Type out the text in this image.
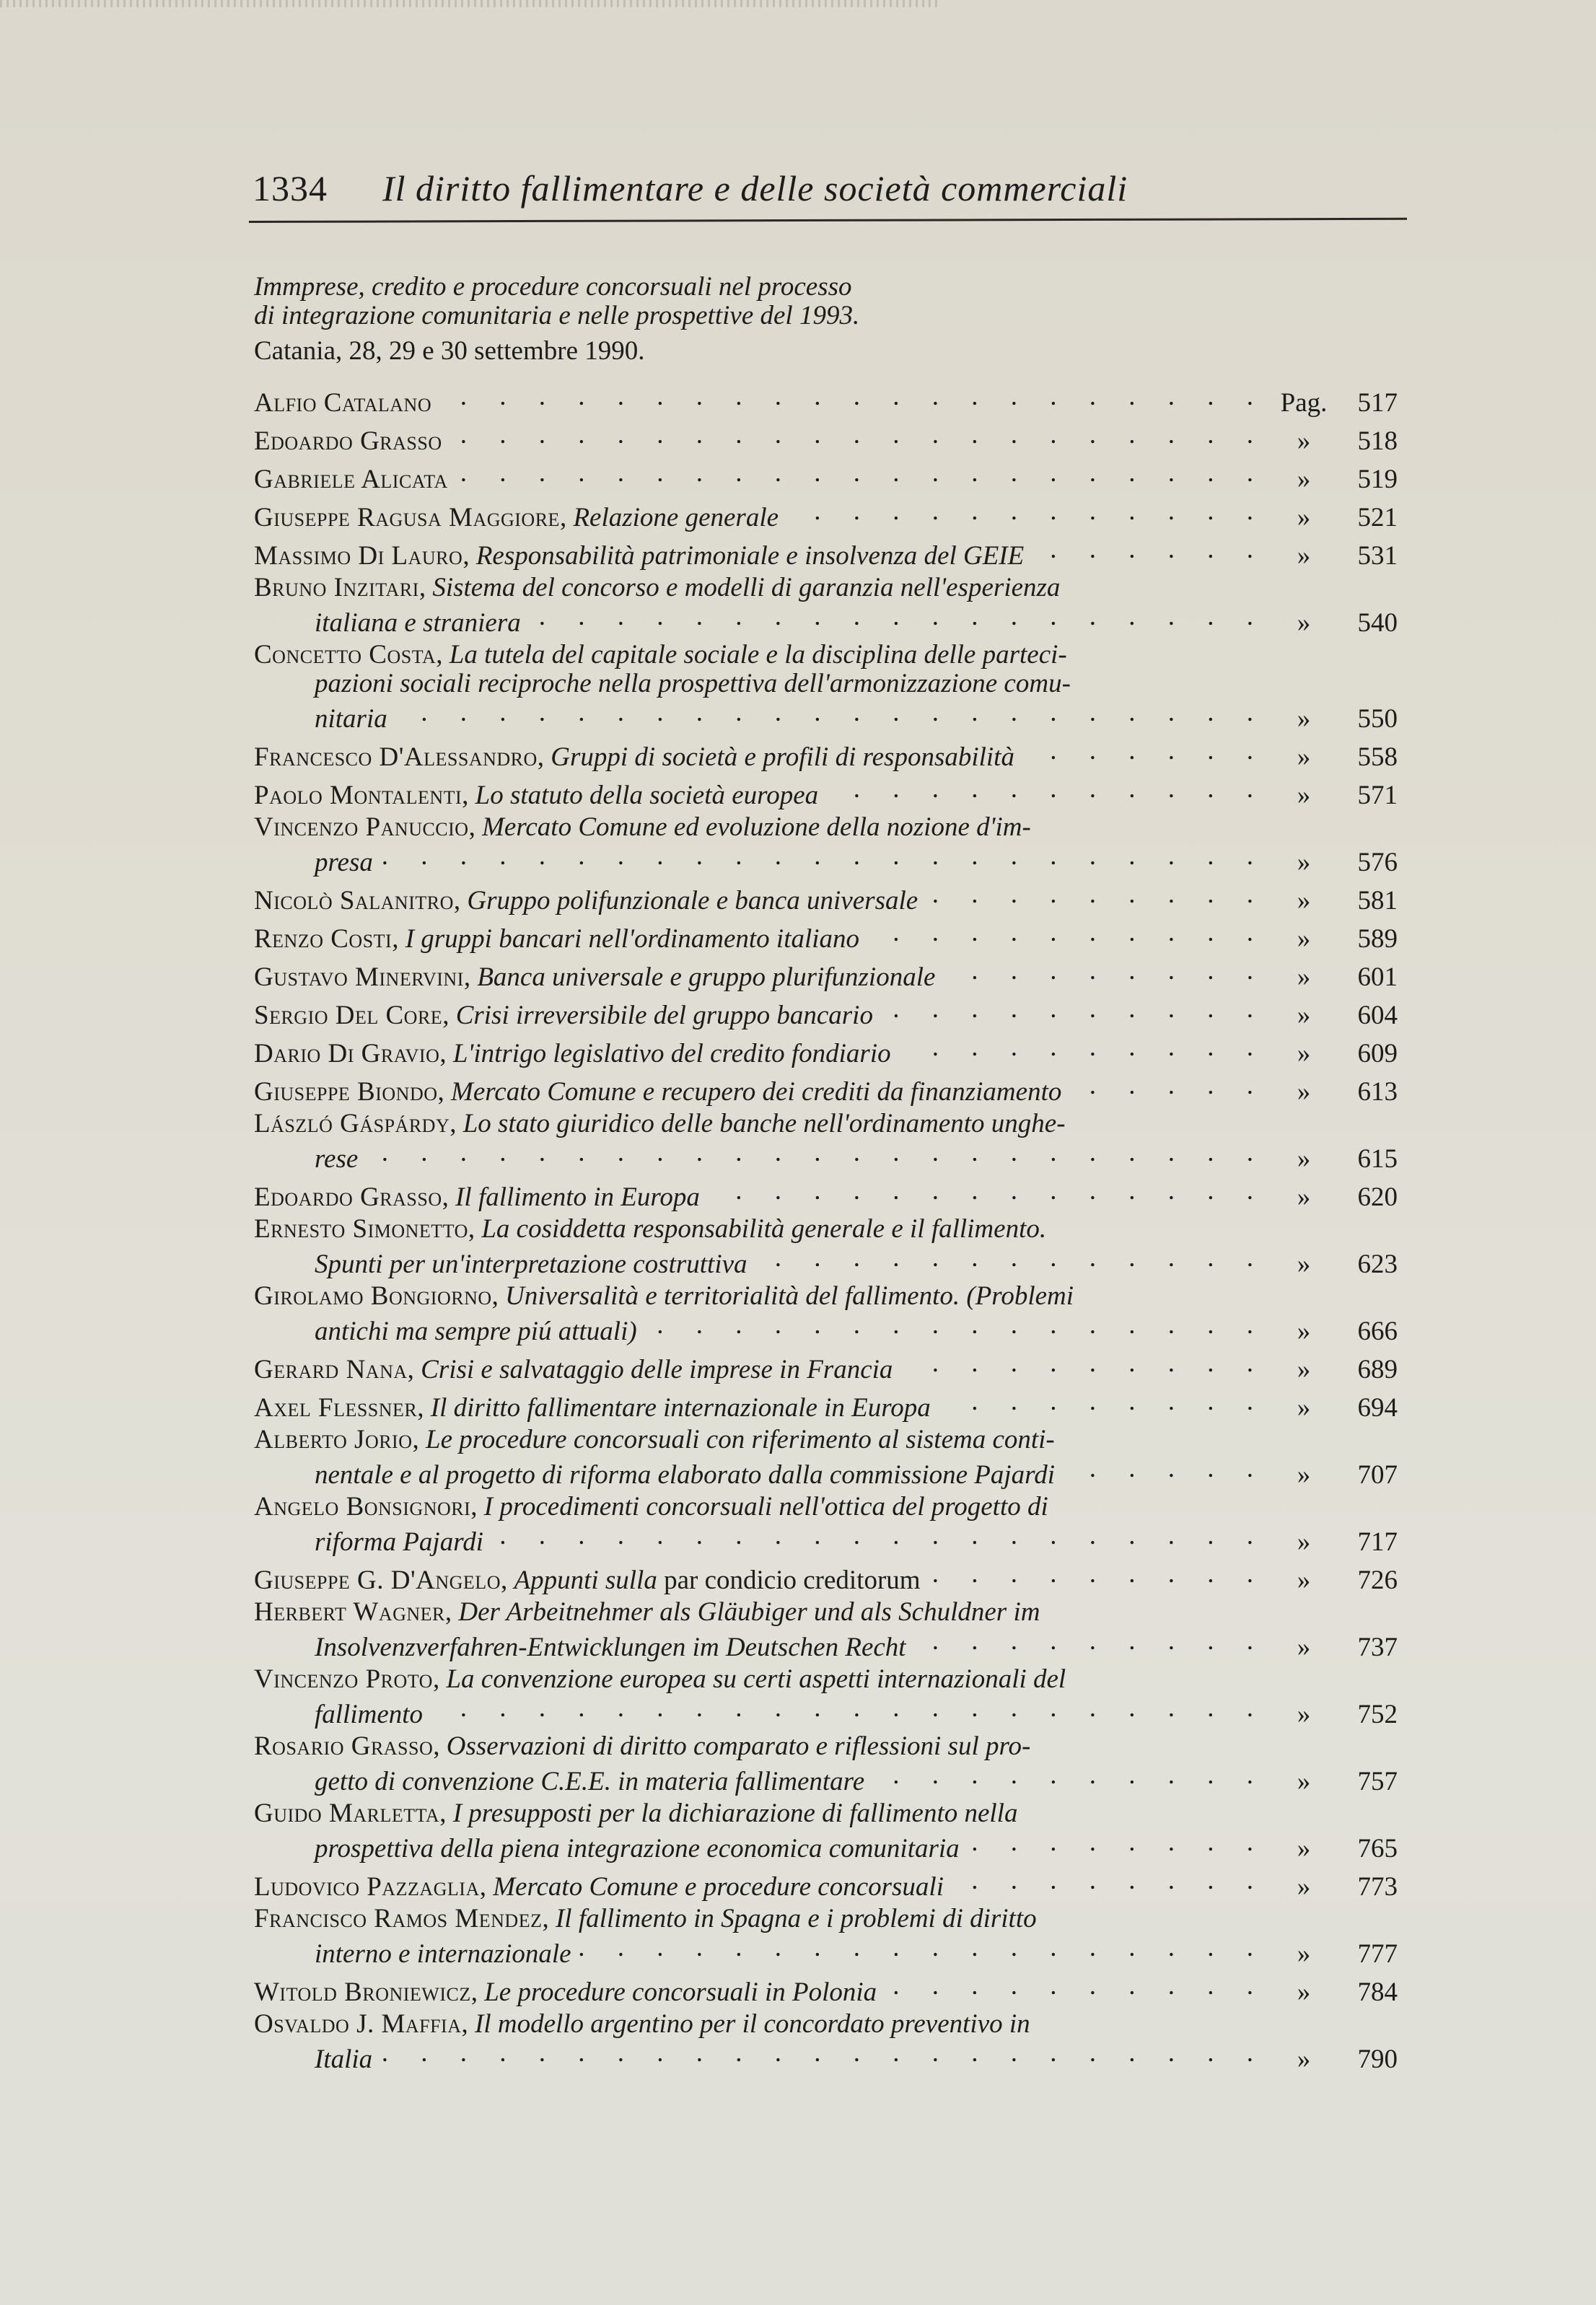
1334 Il diritto fallimentare e delle società commerciali
Immprese, credito e procedure concorsuali nel processo
di integrazione comunitaria e nelle prospettive del 1993.
Catania, 28, 29 e 30 settembre 1990.
Alfio Catalano . . .	Pag.	517
Edoardo Grasso . . .	»	518
Gabriele Alicata . . .	»	519
Giuseppe Ragusa Maggiore, Relazione generale . . .	»	521
Massimo Di Lauro, Responsabilità patrimoniale e insolvenza del GEIE . . .	»	531
Bruno Inzitari, Sistema del concorso e modelli di garanzia nell'esperienza
italiana e straniera . . .	»	540
Concetto Costa, La tutela del capitale sociale e la disciplina delle parteci-
pazioni sociali reciproche nella prospettiva dell'armonizzazione comu-
nitaria . . .	»	550
Francesco D'Alessandro, Gruppi di società e profili di responsabilità . . .	»	558
Paolo Montalenti, Lo statuto della società europea . . .	»	571
Vincenzo Panuccio, Mercato Comune ed evoluzione della nozione d'im-
presa . . .	»	576
Nicolò Salanitro, Gruppo polifunzionale e banca universale . . .	»	581
Renzo Costi, I gruppi bancari nell'ordinamento italiano . . .	»	589
Gustavo Minervini, Banca universale e gruppo plurifunzionale . . .	»	601
Sergio Del Core, Crisi irreversibile del gruppo bancario . . .	»	604
Dario Di Gravio, L'intrigo legislativo del credito fondiario . . .	»	609
Giuseppe Biondo, Mercato Comune e recupero dei crediti da finanziamento . . .	»	613
László Gáspárdy, Lo stato giuridico delle banche nell'ordinamento unghe-
rese . . .	»	615
Edoardo Grasso, Il fallimento in Europa . . .	»	620
Ernesto Simonetto, La cosiddetta responsabilità generale e il fallimento.
Spunti per un'interpretazione costruttiva . . .	»	623
Girolamo Bongiorno, Universalità e territorialità del fallimento. (Problemi
antichi ma sempre piú attuali) . . .	»	666
Gerard Nana, Crisi e salvataggio delle imprese in Francia . . .	»	689
Axel Flessner, Il diritto fallimentare internazionale in Europa . . .	»	694
Alberto Jorio, Le procedure concorsuali con riferimento al sistema conti-
nentale e al progetto di riforma elaborato dalla commissione Pajardi . . .	»	707
Angelo Bonsignori, I procedimenti concorsuali nell'ottica del progetto di
riforma Pajardi . . .	»	717
Giuseppe G. D'Angelo, Appunti sulla par condicio creditorum . . .	»	726
Herbert Wagner, Der Arbeitnehmer als Gläubiger und als Schuldner im
Insolvenzverfahren-Entwicklungen im Deutschen Recht . . .	»	737
Vincenzo Proto, La convenzione europea su certi aspetti internazionali del
fallimento . . .	»	752
Rosario Grasso, Osservazioni di diritto comparato e riflessioni sul pro-
getto di convenzione C.E.E. in materia fallimentare . . .	»	757
Guido Marletta, I presupposti per la dichiarazione di fallimento nella
prospettiva della piena integrazione economica comunitaria . . .	»	765
Ludovico Pazzaglia, Mercato Comune e procedure concorsuali . . .	»	773
Francisco Ramos Mendez, Il fallimento in Spagna e i problemi di diritto
interno e internazionale . . .	»	777
Witold Broniewicz, Le procedure concorsuali in Polonia . . .	»	784
Osvaldo J. Maffia, Il modello argentino per il concordato preventivo in
Italia . . .	»	790
